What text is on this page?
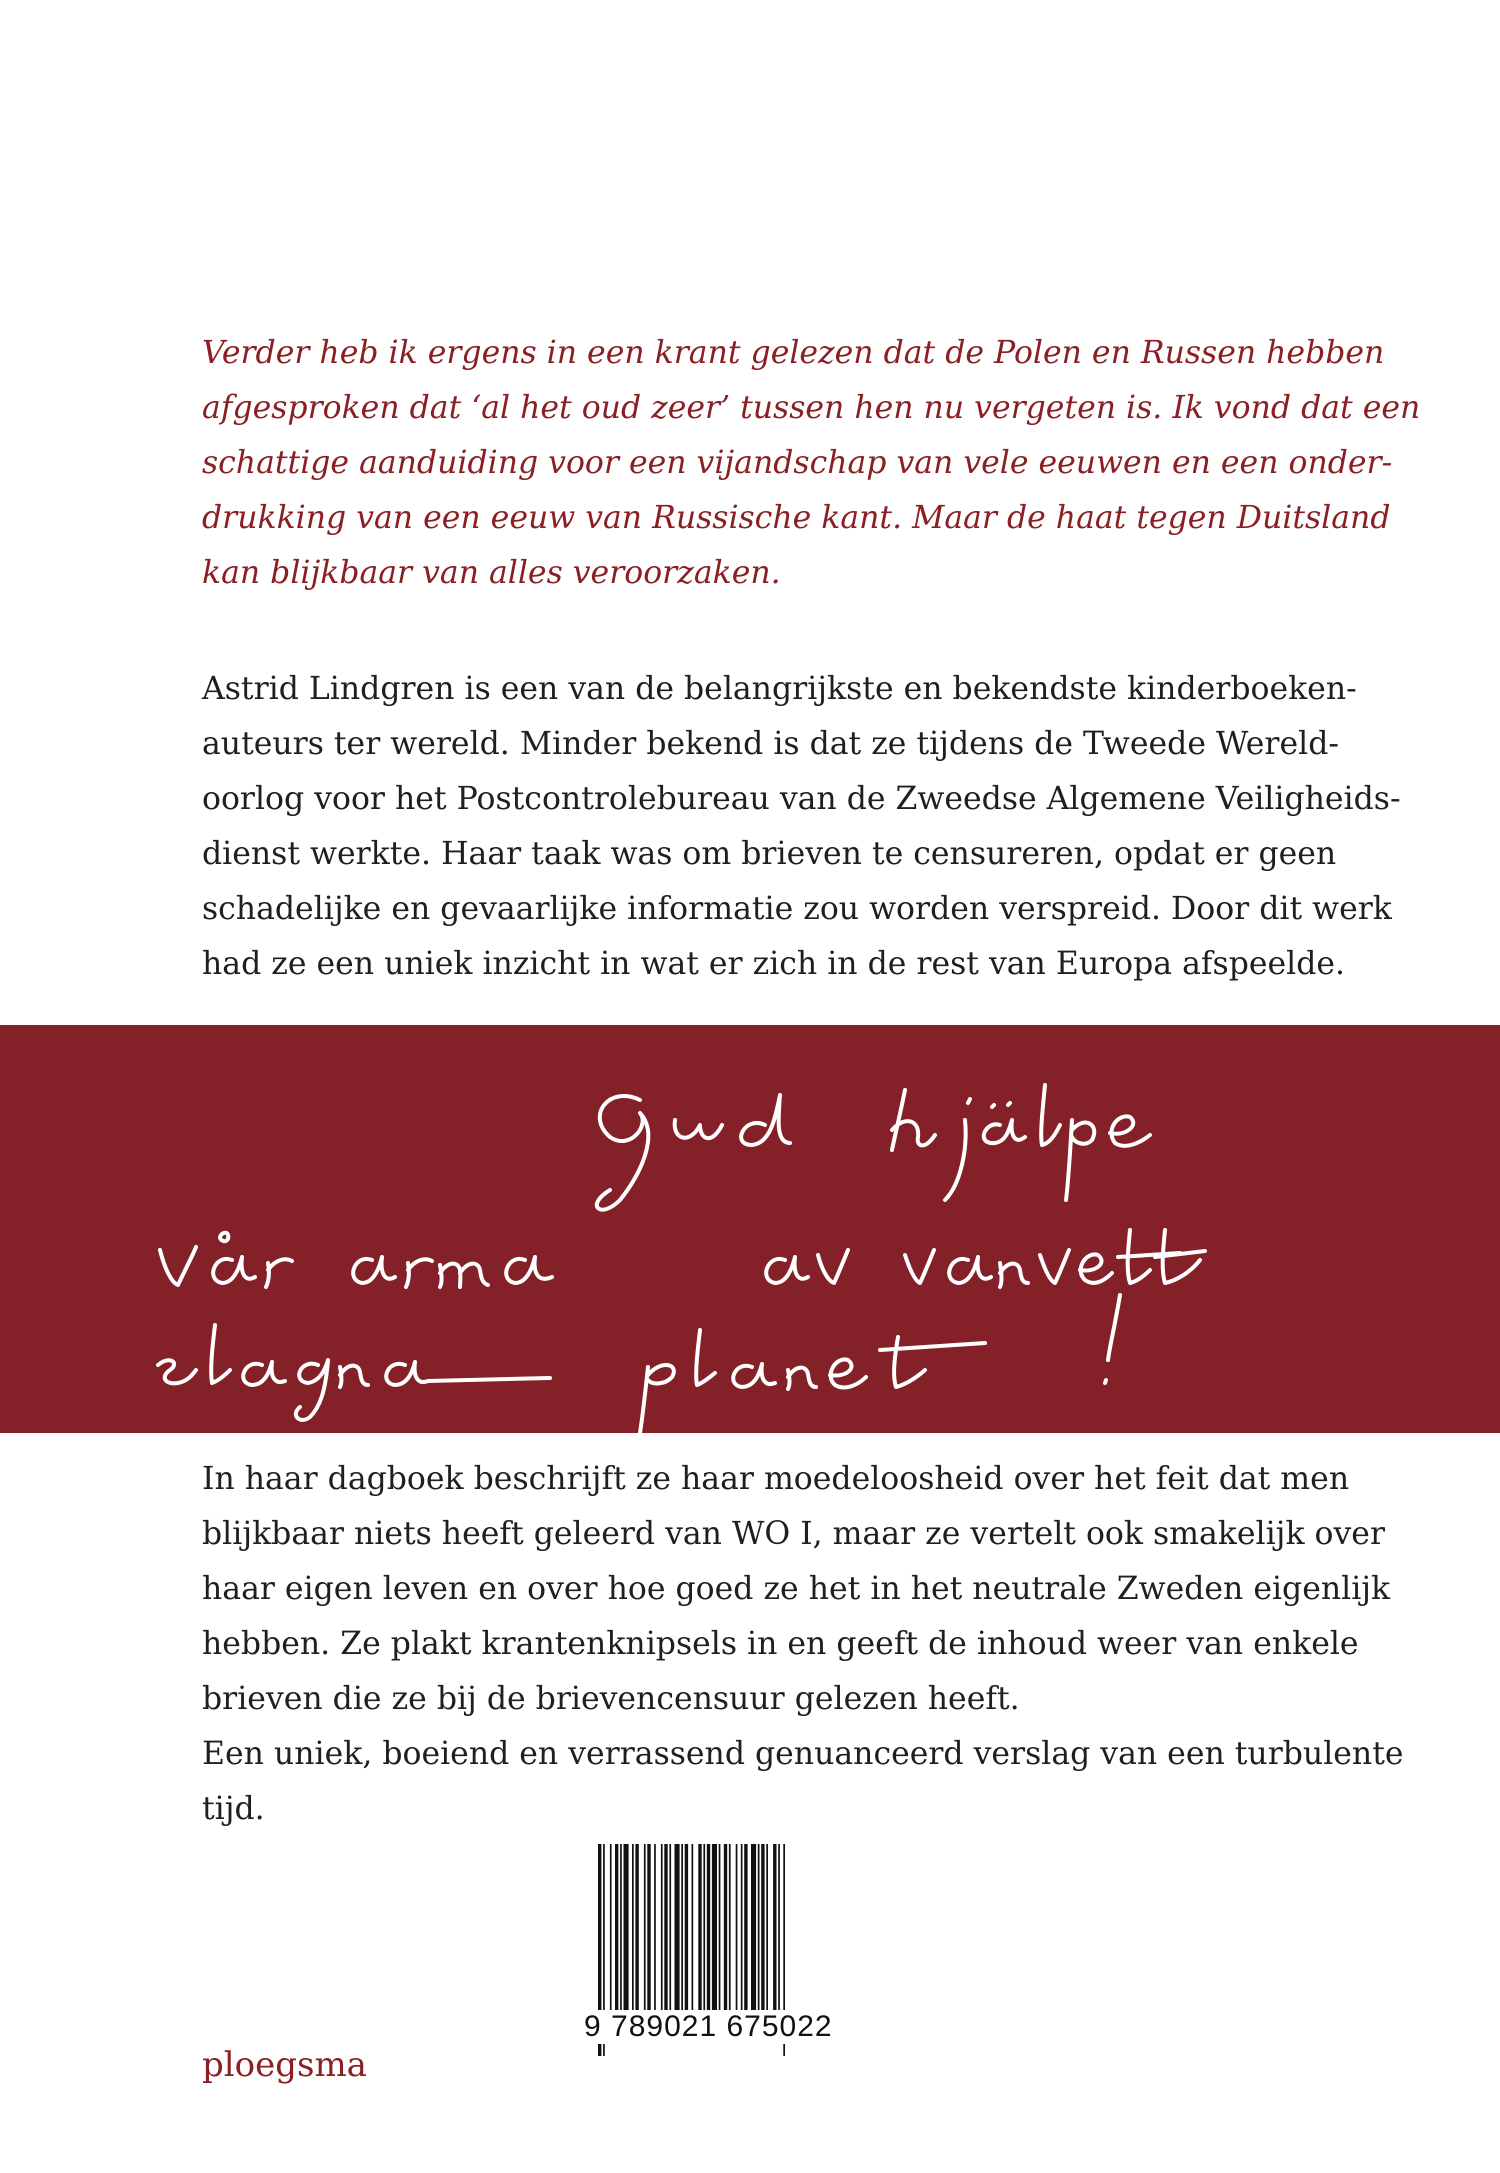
Verder heb ik ergens in een krant gelezen dat de Polen en Russen hebben
afgesproken dat ‘al het oud zeer’ tussen hen nu vergeten is. Ik vond dat een
schattige aanduiding voor een vijandschap van vele eeuwen en een onder-
drukking van een eeuw van Russische kant. Maar de haat tegen Duitsland
kan blijkbaar van alles veroorzaken.
Astrid Lindgren is een van de belangrijkste en bekendste kinderboeken-
auteurs ter wereld. Minder bekend is dat ze tijdens de Tweede Wereld-
oorlog voor het Postcontrolebureau van de Zweedse Algemene Veiligheids-
dienst werkte. Haar taak was om brieven te censureren, opdat er geen
schadelijke en gevaarlijke informatie zou worden verspreid. Door dit werk
had ze een uniek inzicht in wat er zich in de rest van Europa afspeelde.
In haar dagboek beschrijft ze haar moedeloosheid over het feit dat men
blijkbaar niets heeft geleerd van WO I, maar ze vertelt ook smakelijk over
haar eigen leven en over hoe goed ze het in het neutrale Zweden eigenlijk
hebben. Ze plakt krantenknipsels in en geeft de inhoud weer van enkele
brieven die ze bij de brievencensuur gelezen heeft.
Een uniek, boeiend en verrassend genuanceerd verslag van een turbulente
tijd.
9 789021 675022
ploegsma
